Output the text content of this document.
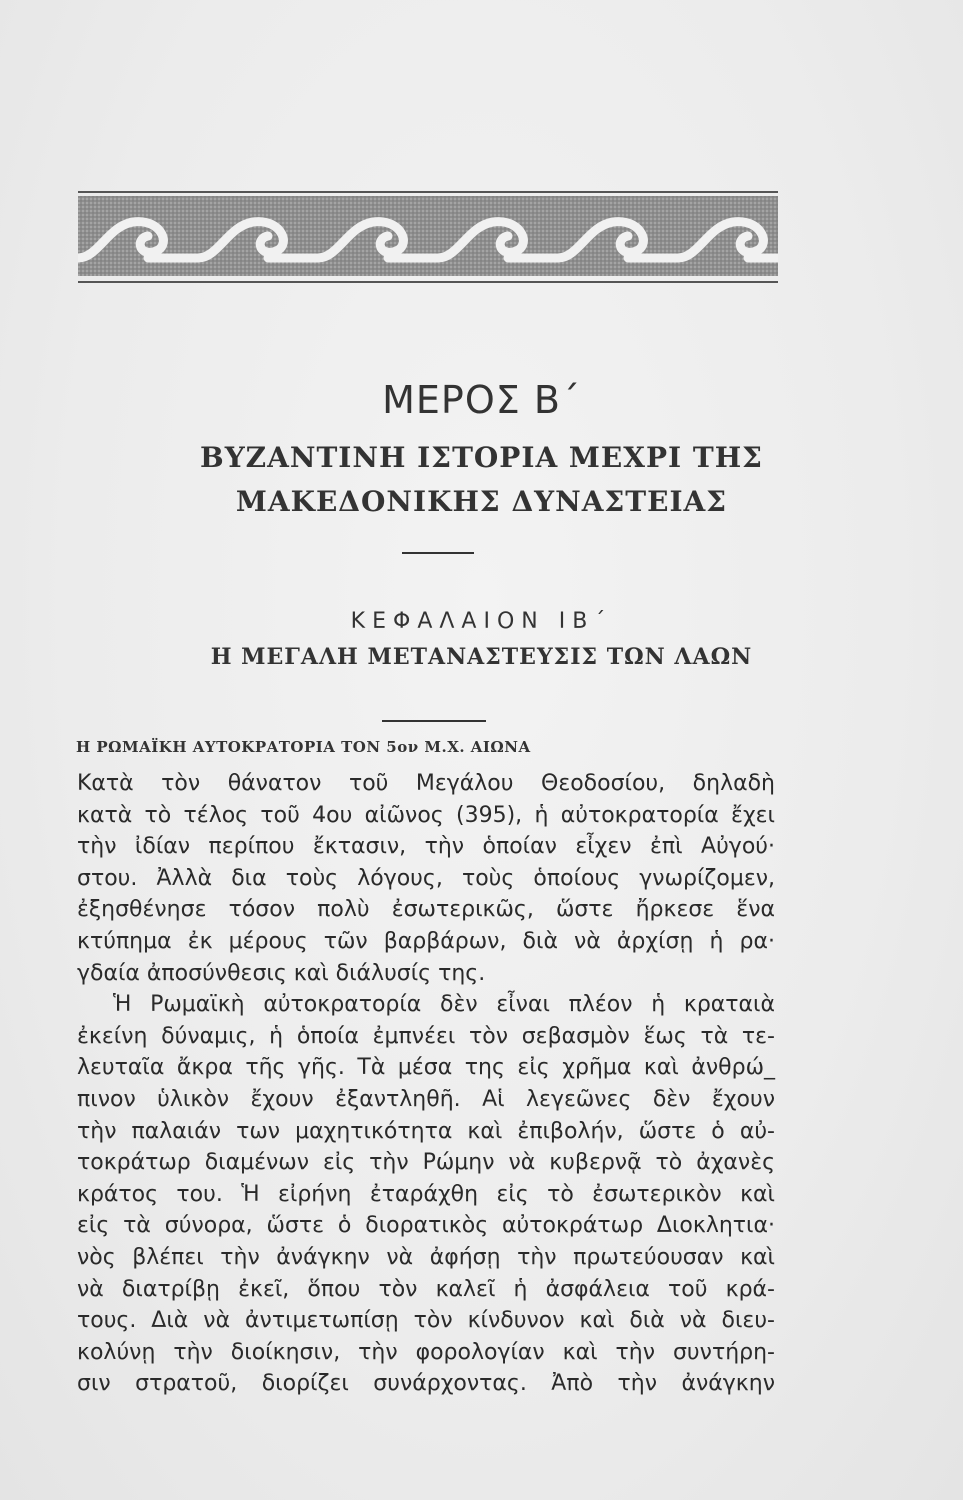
ΜΕΡΟΣ Β΄
ΒΥΖΑΝΤΙΝΗ ΙΣΤΟΡΙΑ ΜΕΧΡΙ ΤΗΣ
ΜΑΚΕΔΟΝΙΚΗΣ ΔΥΝΑΣΤΕΙΑΣ
ΚΕΦΑΛΑΙΟΝ ΙΒ΄
Η ΜΕΓΑΛΗ ΜΕΤΑΝΑΣΤΕΥΣΙΣ ΤΩΝ ΛΑΩΝ
Η ΡΩΜΑΪΚΗ ΑΥΤΟΚΡΑΤΟΡΙΑ ΤΟΝ 5ον Μ.Χ. ΑΙΩΝΑ

Κατὰ τὸν θάνατον τοῦ Μεγάλου Θεοδοσίου, δηλαδὴ

κατὰ τὸ τέλος τοῦ 4ου αἰῶνος (395), ἡ αὐτοκρατορία ἔχει

τὴν ἰδίαν περίπου ἔκτασιν, τὴν ὁποίαν εἶχεν ἐπὶ Αὐγού·

στου. Ἀλλὰ δια τοὺς λόγους, τοὺς ὁποίους γνωρίζομεν,

ἐξησθένησε τόσον πολὺ ἐσωτερικῶς, ὥστε ἤρκεσε ἕνα

κτύπημα ἐκ μέρους τῶν βαρβάρων, διὰ νὰ ἀρχίσῃ ἡ ρα·

γδαία ἀποσύνθεσις καὶ διάλυσίς της.

Ἡ Ρωμαϊκὴ αὐτοκρατορία δὲν εἶναι πλέον ἡ κραταιὰ

ἐκείνη δύναμις, ἡ ὁποία ἐμπνέει τὸν σεβασμὸν ἕως τὰ τε-

λευταῖα ἄκρα τῆς γῆς. Τὰ μέσα της εἰς χρῆμα καὶ ἀνθρώ_

πινον ὑλικὸν ἔχουν ἐξαντληθῆ. Αἱ λεγεῶνες δὲν ἔχουν

τὴν παλαιάν των μαχητικότητα καὶ ἐπιβολήν, ὥστε ὁ αὐ-

τοκράτωρ διαμένων εἰς τὴν Ρώμην νὰ κυβερνᾷ τὸ ἀχανὲς

κράτος του. Ἡ εἰρήνη ἐταράχθη εἰς τὸ ἐσωτερικὸν καὶ

εἰς τὰ σύνορα, ὥστε ὁ διορατικὸς αὐτοκράτωρ Διοκλητια·

νὸς βλέπει τὴν ἀνάγκην νὰ ἀφήσῃ τὴν πρωτεύουσαν καὶ

νὰ διατρίβῃ ἐκεῖ, ὅπου τὸν καλεῖ ἡ ἀσφάλεια τοῦ κρά-

τους. Διὰ νὰ ἀντιμετωπίσῃ τὸν κίνδυνον καὶ διὰ νὰ διευ-

κολύνῃ τὴν διοίκησιν, τὴν φορολογίαν καὶ τὴν συντήρη-

σιν στρατοῦ, διορίζει συνάρχοντας. Ἀπὸ τὴν ἀνάγκην
